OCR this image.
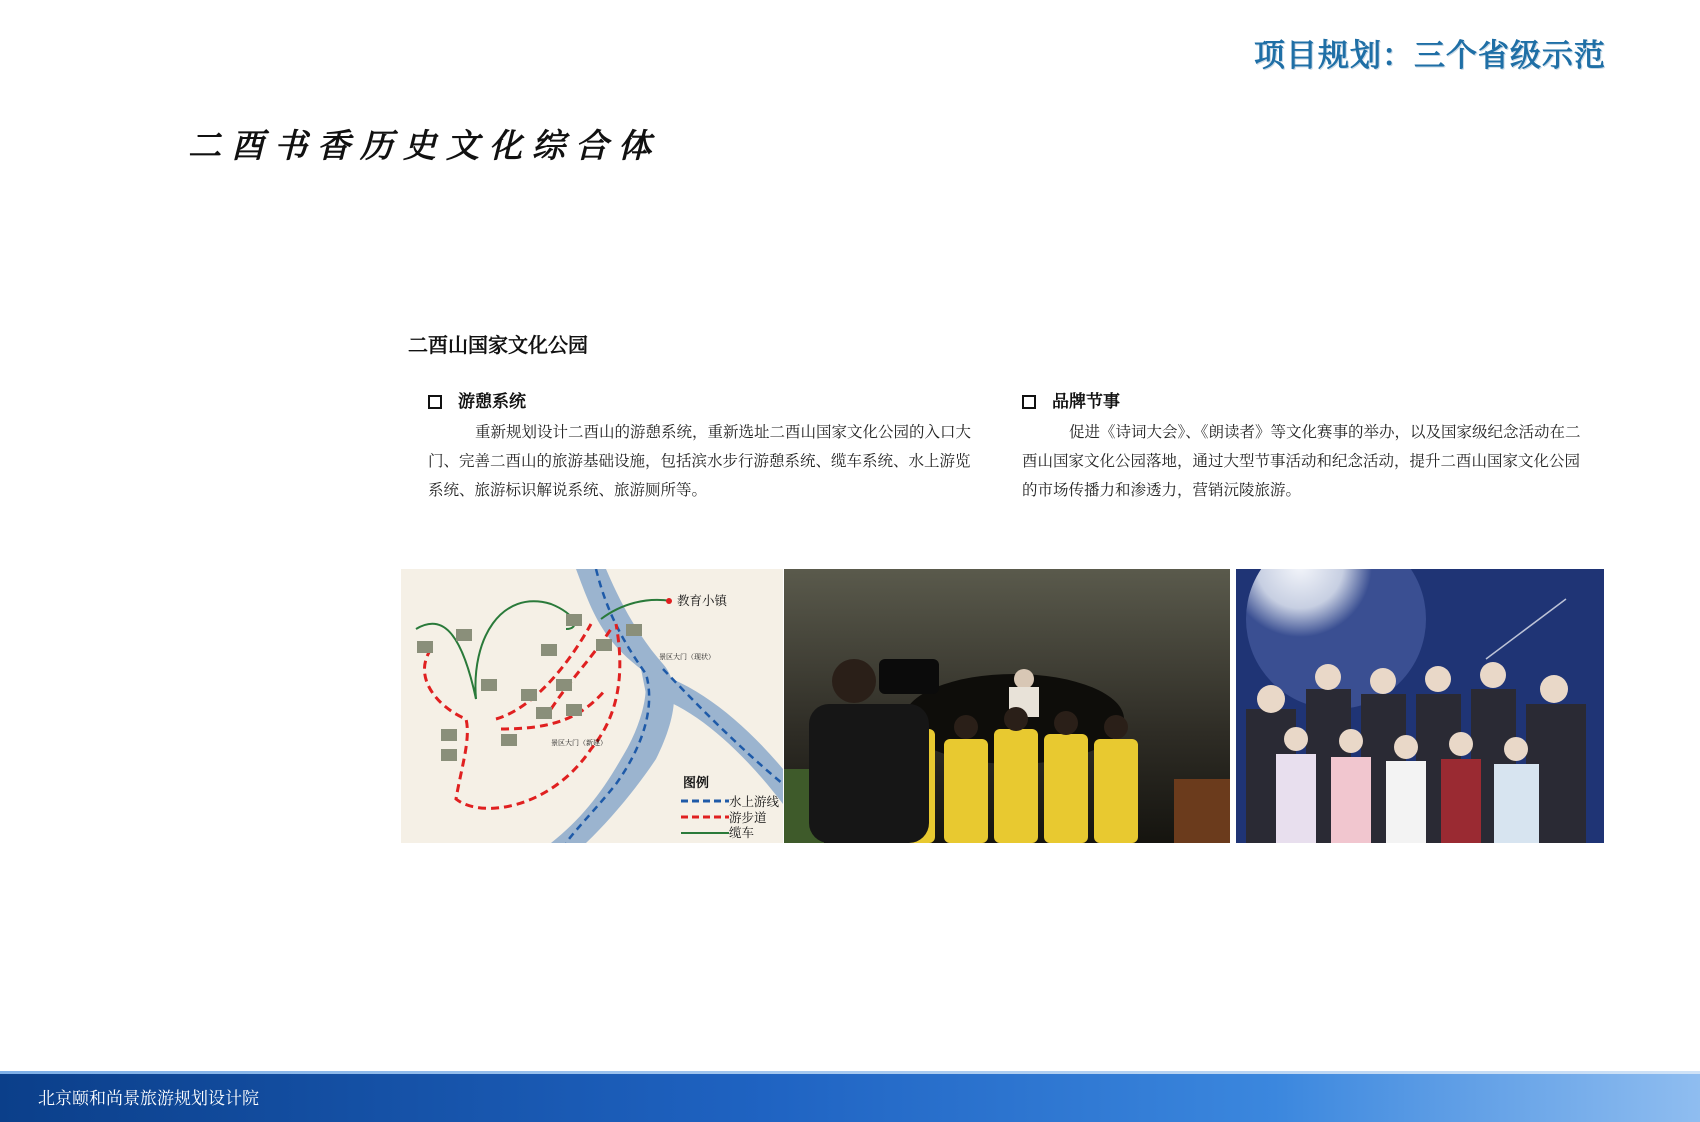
项目规划：三个省级示范
二酉书香历史文化综合体
二酉山国家文化公园
游憩系统

重新规划设计二酉山的游憩系统，重新选址二酉山国家文化公园的入口大门、完善二酉山的旅游基础设施，包括滨水步行游憩系统、缆车系统、水上游览系统、旅游标识解说系统、旅游厕所等。

品牌节事

促进《诗词大会》、《朗读者》等文化赛事的举办，以及国家级纪念活动在二酉山国家文化公园落地，通过大型节事活动和纪念活动，提升二酉山国家文化公园的市场传播力和渗透力，营销沅陵旅游。

教育小镇
景区大门（现状）
景区大门（新建）
图例
水上游线
游步道
缆车
北京颐和尚景旅游规划设计院
